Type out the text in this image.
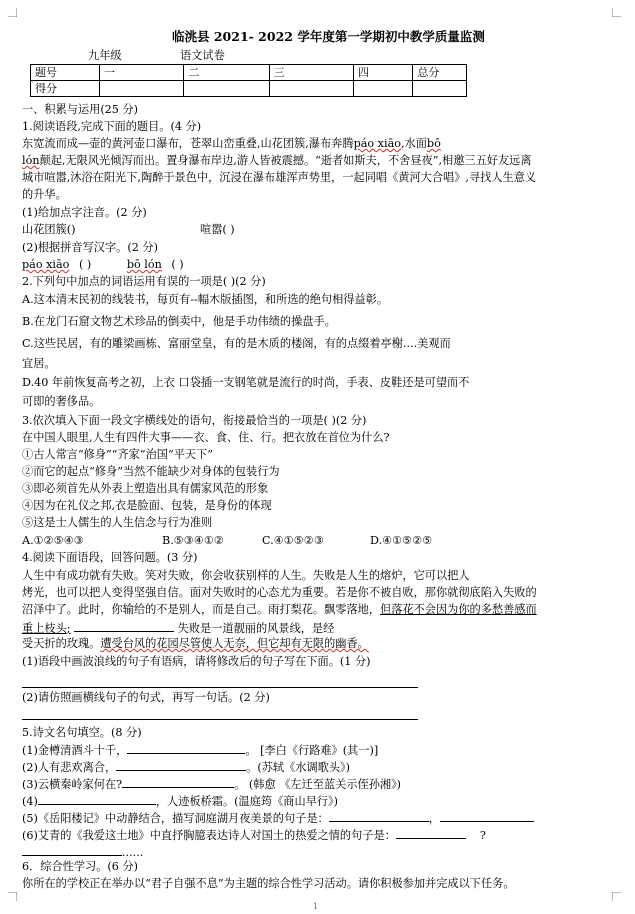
临洮县 2021- 2022 学年度第一学期初中教学质量监测
九年级	语文试卷
题号	一	二	三	四	总分
得分					
一、积累与运用(25 分)
1.阅读语段,完成下面的题目。(4 分)
东宽流而成—壶的黄河壶口瀑布，苍翠山峦重叠,山花团簇,瀑布奔腾páo xiāo,水面bō
lón颠起,无限风光倾泻而出。置身瀑布岸边,游人皆被震撼。“逝者如斯夫，不舍昼夜”,相邀三五好友远离
城市喧嚣,沐浴在阳光下,陶醉于景色中，沉浸在瀑布雄浑声势里，一起同唱《黄河大合唱》,寻找人生意义
的升华。
(1)给加点字注音。(2 分)
山花团簇()	喧嚣( )
(2)根据拼音写汉字。(2 分)
páo xiāo ( )	bō lón ( )
2.下列句中加点的词语运用有误的一项是( )(2 分)
A.这本清末民初的线装书，每页有--幅木版插图，和所选的绝句相得益彰。
B.在龙门石窟文物艺术珍品的倒卖中，他是手功伟绩的操盘手。
C.这些民居，有的雕梁画栋、富丽堂皇，有的是木质的楼阁，有的点缀着亭榭....美观而
宜居。
D.40 年前恢复高考之初，上衣 口袋插一支钢笔就是流行的时尚，手表、皮鞋还是可望而不
可即的奢侈品。
3.依次填入下面一段文字横线处的语句，衔接最恰当的一项是( )(2 分)
在中国人眼里,人生有四件大事——衣、食、住、行。把衣放在首位为什么?
①古人常言“修身”“齐家”治国“平天下”
②而它的起点“修身”当然不能缺少对身体的包装行为
③即必须首先从外表上塑造出具有儒家风范的形象
④因为在礼仪之邦,衣是脸面、包装，是身份的体现
⑤这是士人儒生的人生信念与行为准则
A.①②⑤④③	B.⑤③④①②	C.④①⑤②③	D.④①⑤②⑤
4.阅读下面语段，回答问题。(3 分)
人生中有成功就有失败。笑对失败，你会收获别样的人生。失败是人生的熔炉，它可以把人
烤光，也可以把人变得坚强自信。面对失败时的心态尤为重要。若是你不被自败，那你就彻底陷入失败的
沼泽中了。此时，你输给的不是别人，而是自己。雨打梨花。飘零落地，但落花不会因为你的多愁善感而
重上枝头;	失败是一道靓丽的风景线，是经
受天折的玫瑰。遭受台风的花园尽管使人无奈，但它却有无限的幽香。
(1)语段中画波浪线的句子有语病，请将修改后的句子写在下面。(1 分)
(2)请仿照画横线句子的句式，再写一句话。(2 分)
5.诗文名句填空。(8 分)
(1)金樽清酒斗十千，	。 [李白《行路难》(其一)]
(2)人有悲欢离合，	。(苏轼《水调歌头》)
(3)云横秦岭家何在?	。 (韩愈 《左迁至蓝关示侄孙湘》)
(4)	，人迹板桥霜。(温庭筠《商山早行》)
(5)《岳阳楼记》中动静结合，描写洞庭湖月夜美景的句子是：	，
(6)艾青的《我爱这土地》中直抒胸臆表达诗人对国土的热爱之情的句子是：	?
......
6．综合性学习。(6 分)
你所在的学校正在举办以“君子自强不息”为主题的综合性学习活动。请你积极参加并完成以下任务。
1
